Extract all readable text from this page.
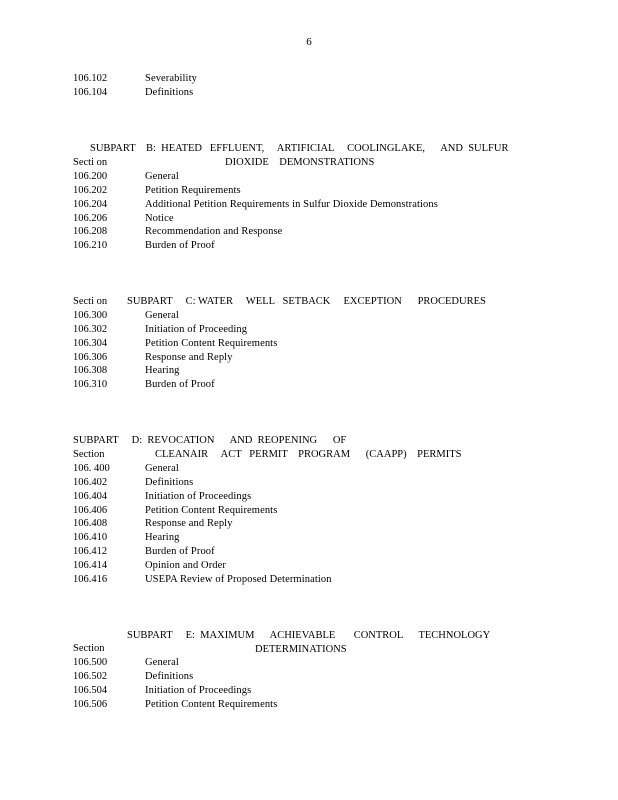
6
106.102	Severability
106.104	Definitions

SUBPART    B:  HEATED   EFFLUENT,     ARTIFICIAL     COOLINGLAKE,      AND  SULFUR

DIOXIDE    DEMONSTRATIONS

Secti on
106.200	General
106.202	Petition Requirements
106.204	Additional Petition Requirements in Sulfur Dioxide Demonstrations
106.206	Notice
106.208	Recommendation and Response
106.210	Burden of Proof

SUBPART     C: WATER     WELL   SETBACK     EXCEPTION      PROCEDURES

Secti on
106.300	General
106.302	Initiation of Proceeding
106.304	Petition Content Requirements
106.306	Response and Reply
106.308	Hearing
106.310	Burden of Proof

SUBPART     D:  REVOCATION      AND  REOPENING      OF

CLEANAIR     ACT   PERMIT    PROGRAM      (CAAPP)    PERMITS

Section
106. 400	General
106.402	Definitions
106.404	Initiation of Proceedings
106.406	Petition Content Requirements
106.408	Response and Reply
106.410	Hearing
106.412	Burden of Proof
106.414	Opinion and Order
106.416	USEPA Review of Proposed Determination

SUBPART     E:  MAXIMUM      ACHIEVABLE       CONTROL      TECHNOLOGY

DETERMINATIONS

Section
106.500	General
106.502	Definitions
106.504	Initiation of Proceedings
106.506	Petition Content Requirements
